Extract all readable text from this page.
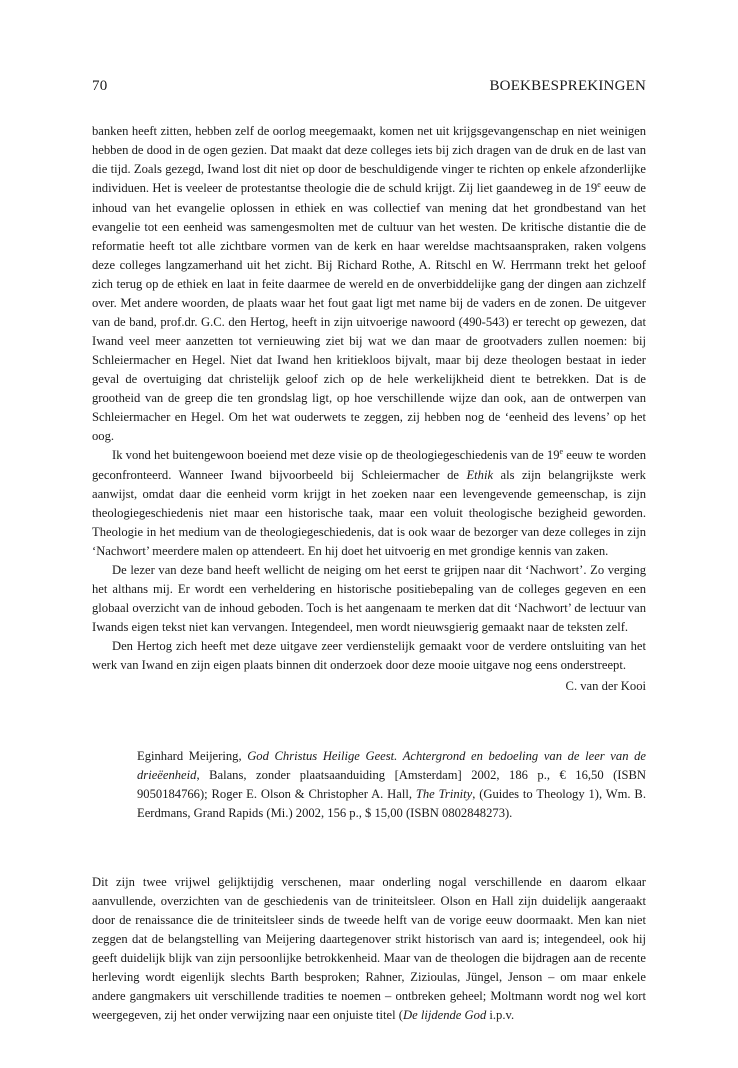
70	BOEKBESPREKINGEN

banken heeft zitten, hebben zelf de oorlog meegemaakt, komen net uit krijgsgevangenschap en niet weinigen hebben de dood in de ogen gezien. Dat maakt dat deze colleges iets bij zich dragen van de druk en de last van die tijd. Zoals gezegd, Iwand lost dit niet op door de beschuldigende vinger te richten op enkele afzonderlijke individuen. Het is veeleer de protestantse theologie die de schuld krijgt. Zij liet gaandeweg in de 19e eeuw de inhoud van het evangelie oplossen in ethiek en was collectief van mening dat het grondbestand van het evangelie tot een eenheid was samengesmolten met de cultuur van het westen. De kritische distantie die de reformatie heeft tot alle zichtbare vormen van de kerk en haar wereldse machtsaanspraken, raken volgens deze colleges langzamerhand uit het zicht. Bij Richard Rothe, A. Ritschl en W. Herrmann trekt het geloof zich terug op de ethiek en laat in feite daarmee de wereld en de onverbiddelijke gang der dingen aan zichzelf over. Met andere woorden, de plaats waar het fout gaat ligt met name bij de vaders en de zonen. De uitgever van de band, prof.dr. G.C. den Hertog, heeft in zijn uitvoerige nawoord (490-543) er terecht op gewezen, dat Iwand veel meer aanzetten tot vernieuwing ziet bij wat we dan maar de grootvaders zullen noemen: bij Schleiermacher en Hegel. Niet dat Iwand hen kritiekloos bijvalt, maar bij deze theologen bestaat in ieder geval de overtuiging dat christelijk geloof zich op de hele werkelijkheid dient te betrekken. Dat is de grootheid van de greep die ten grondslag ligt, op hoe verschillende wijze dan ook, aan de ontwerpen van Schleiermacher en Hegel. Om het wat ouderwets te zeggen, zij hebben nog de ‘eenheid des levens’ op het oog.

Ik vond het buitengewoon boeiend met deze visie op de theologiegeschiedenis van de 19e eeuw te worden geconfronteerd. Wanneer Iwand bijvoorbeeld bij Schleiermacher de Ethik als zijn belangrijkste werk aanwijst, omdat daar die eenheid vorm krijgt in het zoeken naar een levengevende gemeenschap, is zijn theologiegeschiedenis niet maar een historische taak, maar een voluit theologische bezigheid geworden. Theologie in het medium van de theologiegeschiedenis, dat is ook waar de bezorger van deze colleges in zijn ‘Nachwort’ meerdere malen op attendeert. En hij doet het uitvoerig en met grondige kennis van zaken.

De lezer van deze band heeft wellicht de neiging om het eerst te grijpen naar dit ‘Nachwort’. Zo verging het althans mij. Er wordt een verheldering en historische positiebepaling van de colleges gegeven en een globaal overzicht van de inhoud geboden. Toch is het aangenaam te merken dat dit ‘Nachwort’ de lectuur van Iwands eigen tekst niet kan vervangen. Integendeel, men wordt nieuwsgierig gemaakt naar de teksten zelf.

Den Hertog zich heeft met deze uitgave zeer verdienstelijk gemaakt voor de verdere ontsluiting van het werk van Iwand en zijn eigen plaats binnen dit onderzoek door deze mooie uitgave nog eens onderstreept.

C. van der Kooi

Eginhard Meijering, God Christus Heilige Geest. Achtergrond en bedoeling van de leer van de drieëenheid, Balans, zonder plaatsaanduiding [Amsterdam] 2002, 186 p., € 16,50 (ISBN 9050184766); Roger E. Olson & Christopher A. Hall, The Trinity, (Guides to Theology 1), Wm. B. Eerdmans, Grand Rapids (Mi.) 2002, 156 p., $ 15,00 (ISBN 0802848273).

Dit zijn twee vrijwel gelijktijdig verschenen, maar onderling nogal verschillende en daarom elkaar aanvullende, overzichten van de geschiedenis van de triniteitsleer. Olson en Hall zijn duidelijk aangeraakt door de renaissance die de triniteitsleer sinds de tweede helft van de vorige eeuw doormaakt. Men kan niet zeggen dat de belangstelling van Meijering daartegenover strikt historisch van aard is; integendeel, ook hij geeft duidelijk blijk van zijn persoonlijke betrokkenheid. Maar van de theologen die bijdragen aan de recente herleving wordt eigenlijk slechts Barth besproken; Rahner, Zizioulas, Jüngel, Jenson – om maar enkele andere gangmakers uit verschillende tradities te noemen – ontbreken geheel; Moltmann wordt nog wel kort weergegeven, zij het onder verwijzing naar een onjuiste titel (De lijdende God i.p.v.
